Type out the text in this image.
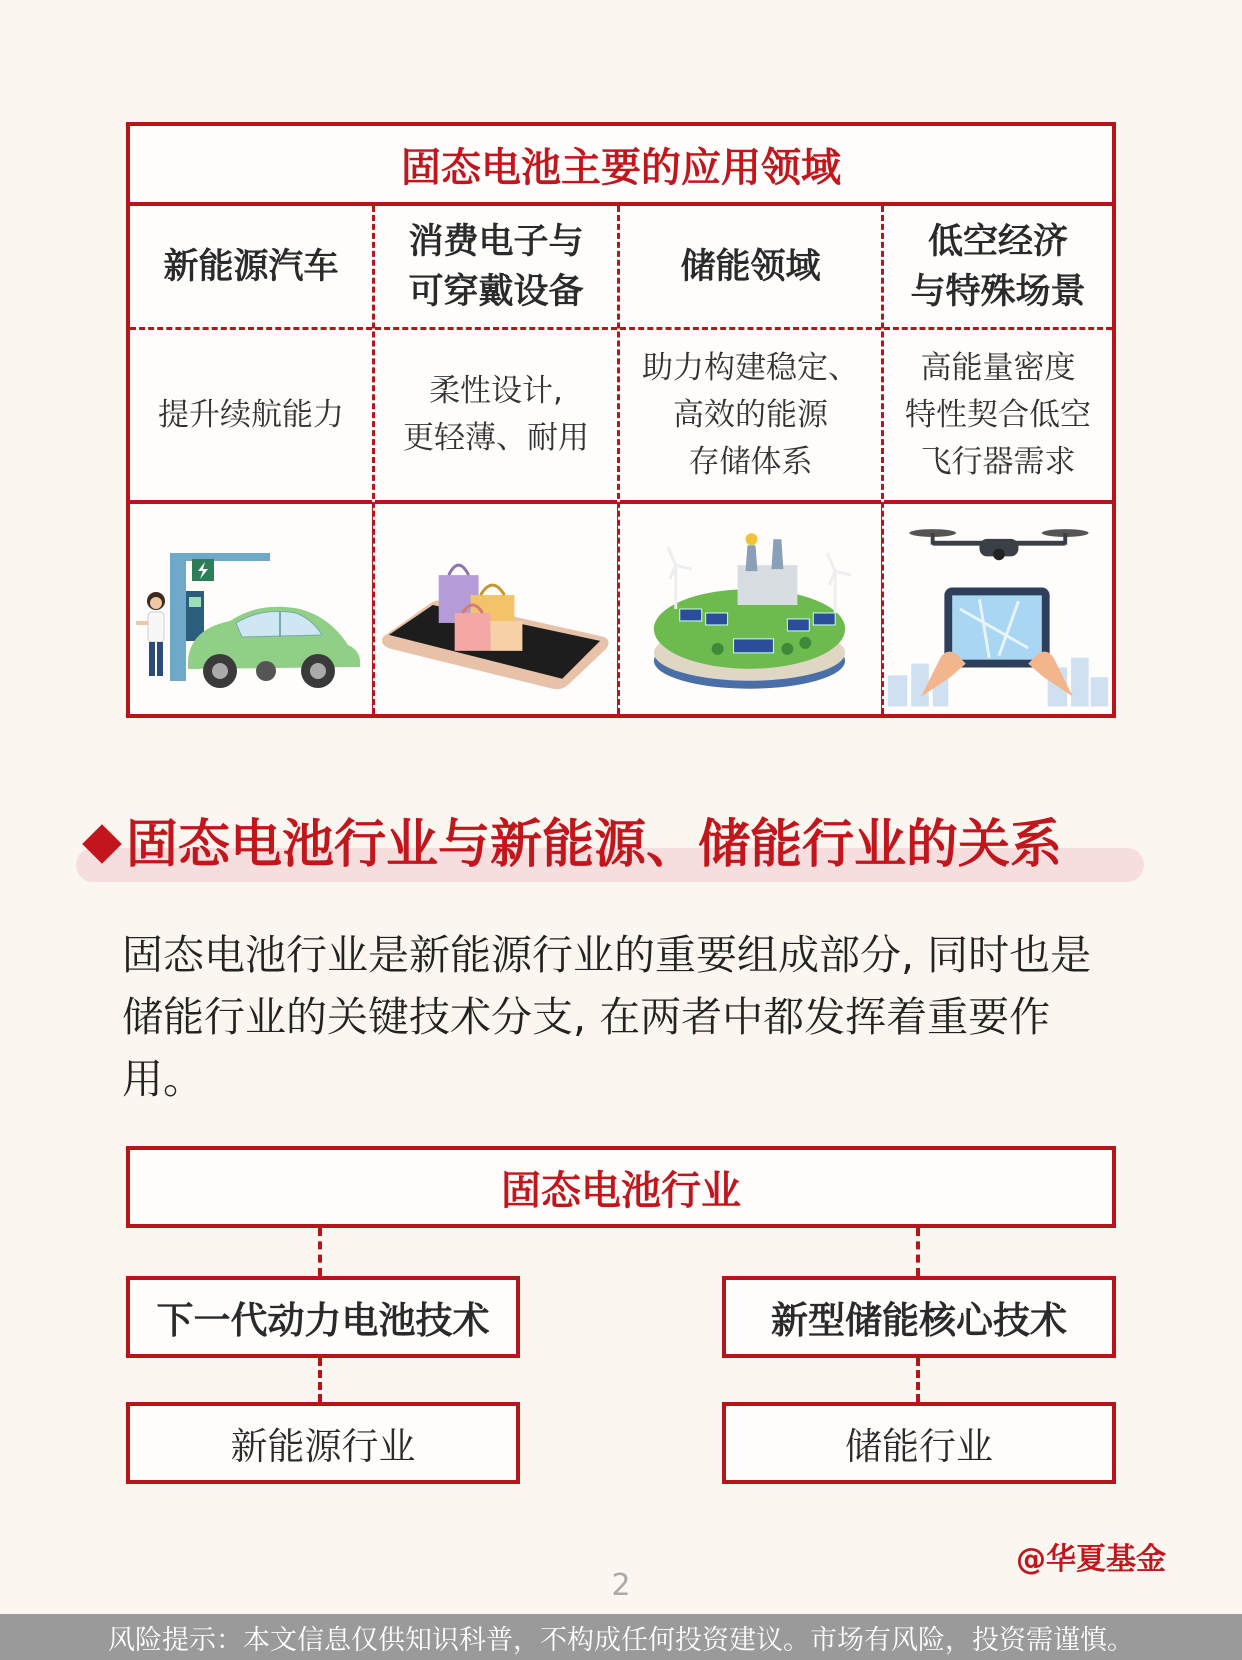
固态电池主要的应用领域
新能源汽车
提升续航能力
消费电子与
可穿戴设备
柔性设计,
更轻薄、耐用
储能领域
助力构建稳定、
高效的能源
存储体系
低空经济
与特殊场景
高能量密度
特性契合低空
飞行器需求
固态电池行业与新能源、储能行业的关系
固态电池行业是新能源行业的重要组成部分, 同时也是储能行业的关键技术分支, 在两者中都发挥着重要作用。
固态电池行业
下一代动力电池技术	新型储能核心技术
新能源行业	储能行业
@华夏基金
2
风险提示：本文信息仅供知识科普，不构成任何投资建议。市场有风险，投资需谨慎。
